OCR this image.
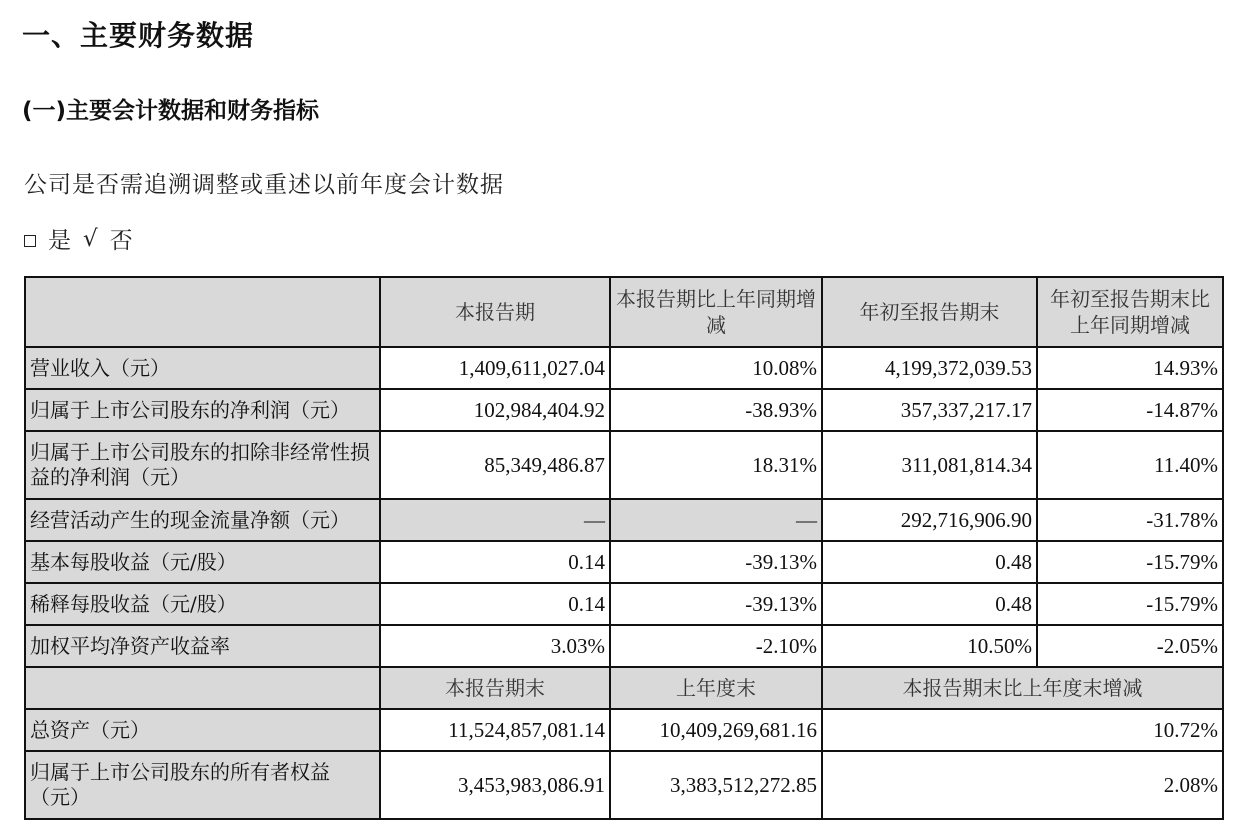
一、主要财务数据
(一)主要会计数据和财务指标
公司是否需追溯调整或重述以前年度会计数据
是 √ 否
	本报告期	本报告期比上年同期增减	年初至报告期末	年初至报告期末比上年同期增减
营业收入（元）	1,409,611,027.04	10.08%	4,199,372,039.53	14.93%
归属于上市公司股东的净利润（元）	102,984,404.92	-38.93%	357,337,217.17	-14.87%
归属于上市公司股东的扣除非经常性损益的净利润（元）	85,349,486.87	18.31%	311,081,814.34	11.40%
经营活动产生的现金流量净额（元）	—	—	292,716,906.90	-31.78%
基本每股收益（元/股）	0.14	-39.13%	0.48	-15.79%
稀释每股收益（元/股）	0.14	-39.13%	0.48	-15.79%
加权平均净资产收益率	3.03%	-2.10%	10.50%	-2.05%
	本报告期末	上年度末	本报告期末比上年度末增减	
总资产（元）	11,524,857,081.14	10,409,269,681.16	10.72%	
归属于上市公司股东的所有者权益（元）	3,453,983,086.91	3,383,512,272.85	2.08%	
